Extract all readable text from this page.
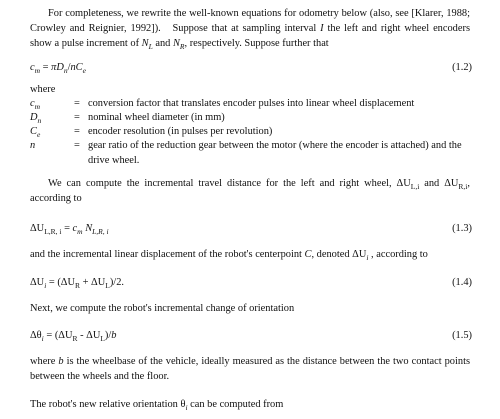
For completeness, we rewrite the well-known equations for odometry below (also, see [Klarer, 1988; Crowley and Reignier, 1992]).   Suppose that at sampling interval I the left and right wheel encoders show a pulse increment of $N_L$ and $N_R$, respectively. Suppose further that

$c_m = \pi D_n/nC_e$	(1.2)
where
$c_m$	= conversion factor that translates encoder pulses into linear wheel displacement
$D_n$	= nominal wheel diameter (in mm)
$C_e$	= encoder resolution (in pulses per revolution)
n	= gear ratio of the reduction gear between the motor (where the encoder is attached) and the drive wheel.

We can compute the incremental travel distance for the left and right wheel, $\Delta U_{L,i}$ and $\Delta U_{R,i}$, according to

$\Delta U_{L,R, i} = c_m$ $N_{L,R, i}$	(1.3)

and the incremental linear displacement of the robot's centerpoint C, denoted $\Delta U_i$ , according to

$\Delta U_i = (\Delta U_R + \Delta U_L)/2$.	(1.4)

Next, we compute the robot's incremental change of orientation

$\Delta\theta_i = (\Delta U_R - \Delta U_L)/b$	(1.5)

where b is the wheelbase of the vehicle, ideally measured as the distance between the two contact points between the wheels and the floor.

The robot's new relative orientation $\theta_i$ can be computed from
